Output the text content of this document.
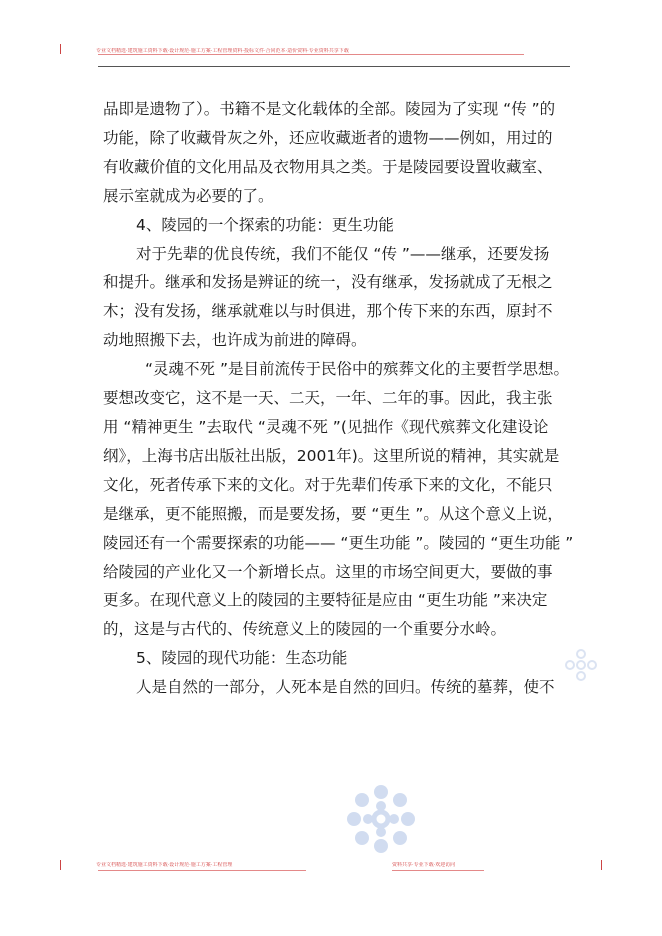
专业文档精选·建筑施工资料下载·设计规范·施工方案·工程管理资料·投标文件·合同范本·造价资料·专业资料共享下载

品即是遗物了）。书籍不是文化载体的全部。陵园为了实现 “传 ”的

功能，除了收藏骨灰之外，还应收藏逝者的遗物——例如，用过的

有收藏价值的文化用品及衣物用具之类。于是陵园要设置收藏室、

展示室就成为必要的了。

4、陵园的一个探索的功能：更生功能

对于先辈的优良传统，我们不能仅 “传 ”——继承，还要发扬

和提升。继承和发扬是辨证的统一，没有继承，发扬就成了无根之

木；没有发扬，继承就难以与时俱进，那个传下来的东西，原封不

动地照搬下去，也许成为前进的障碍。

“灵魂不死 ”是目前流传于民俗中的殡葬文化的主要哲学思想。

要想改变它，这不是一天、二天，一年、二年的事。因此，我主张

用 “精神更生 ”去取代 “灵魂不死 ”(见拙作《现代殡葬文化建设论

纲》，上海书店出版社出版，2001年)。这里所说的精神，其实就是

文化，死者传承下来的文化。对于先辈们传承下来的文化，不能只

是继承，更不能照搬，而是要发扬，要 “更生 ”。从这个意义上说，

陵园还有一个需要探索的功能—— “更生功能 ”。陵园的 “更生功能 ”

给陵园的产业化又一个新增长点。这里的市场空间更大，要做的事

更多。在现代意义上的陵园的主要特征是应由 “更生功能 ”来决定

的，这是与古代的、传统意义上的陵园的一个重要分水岭。

5、陵园的现代功能：生态功能

人是自然的一部分，人死本是自然的回归。传统的墓葬，使不

专业文档精选·建筑施工资料下载·设计规范·施工方案·工程管理	资料共享·专业下载·欢迎访问
